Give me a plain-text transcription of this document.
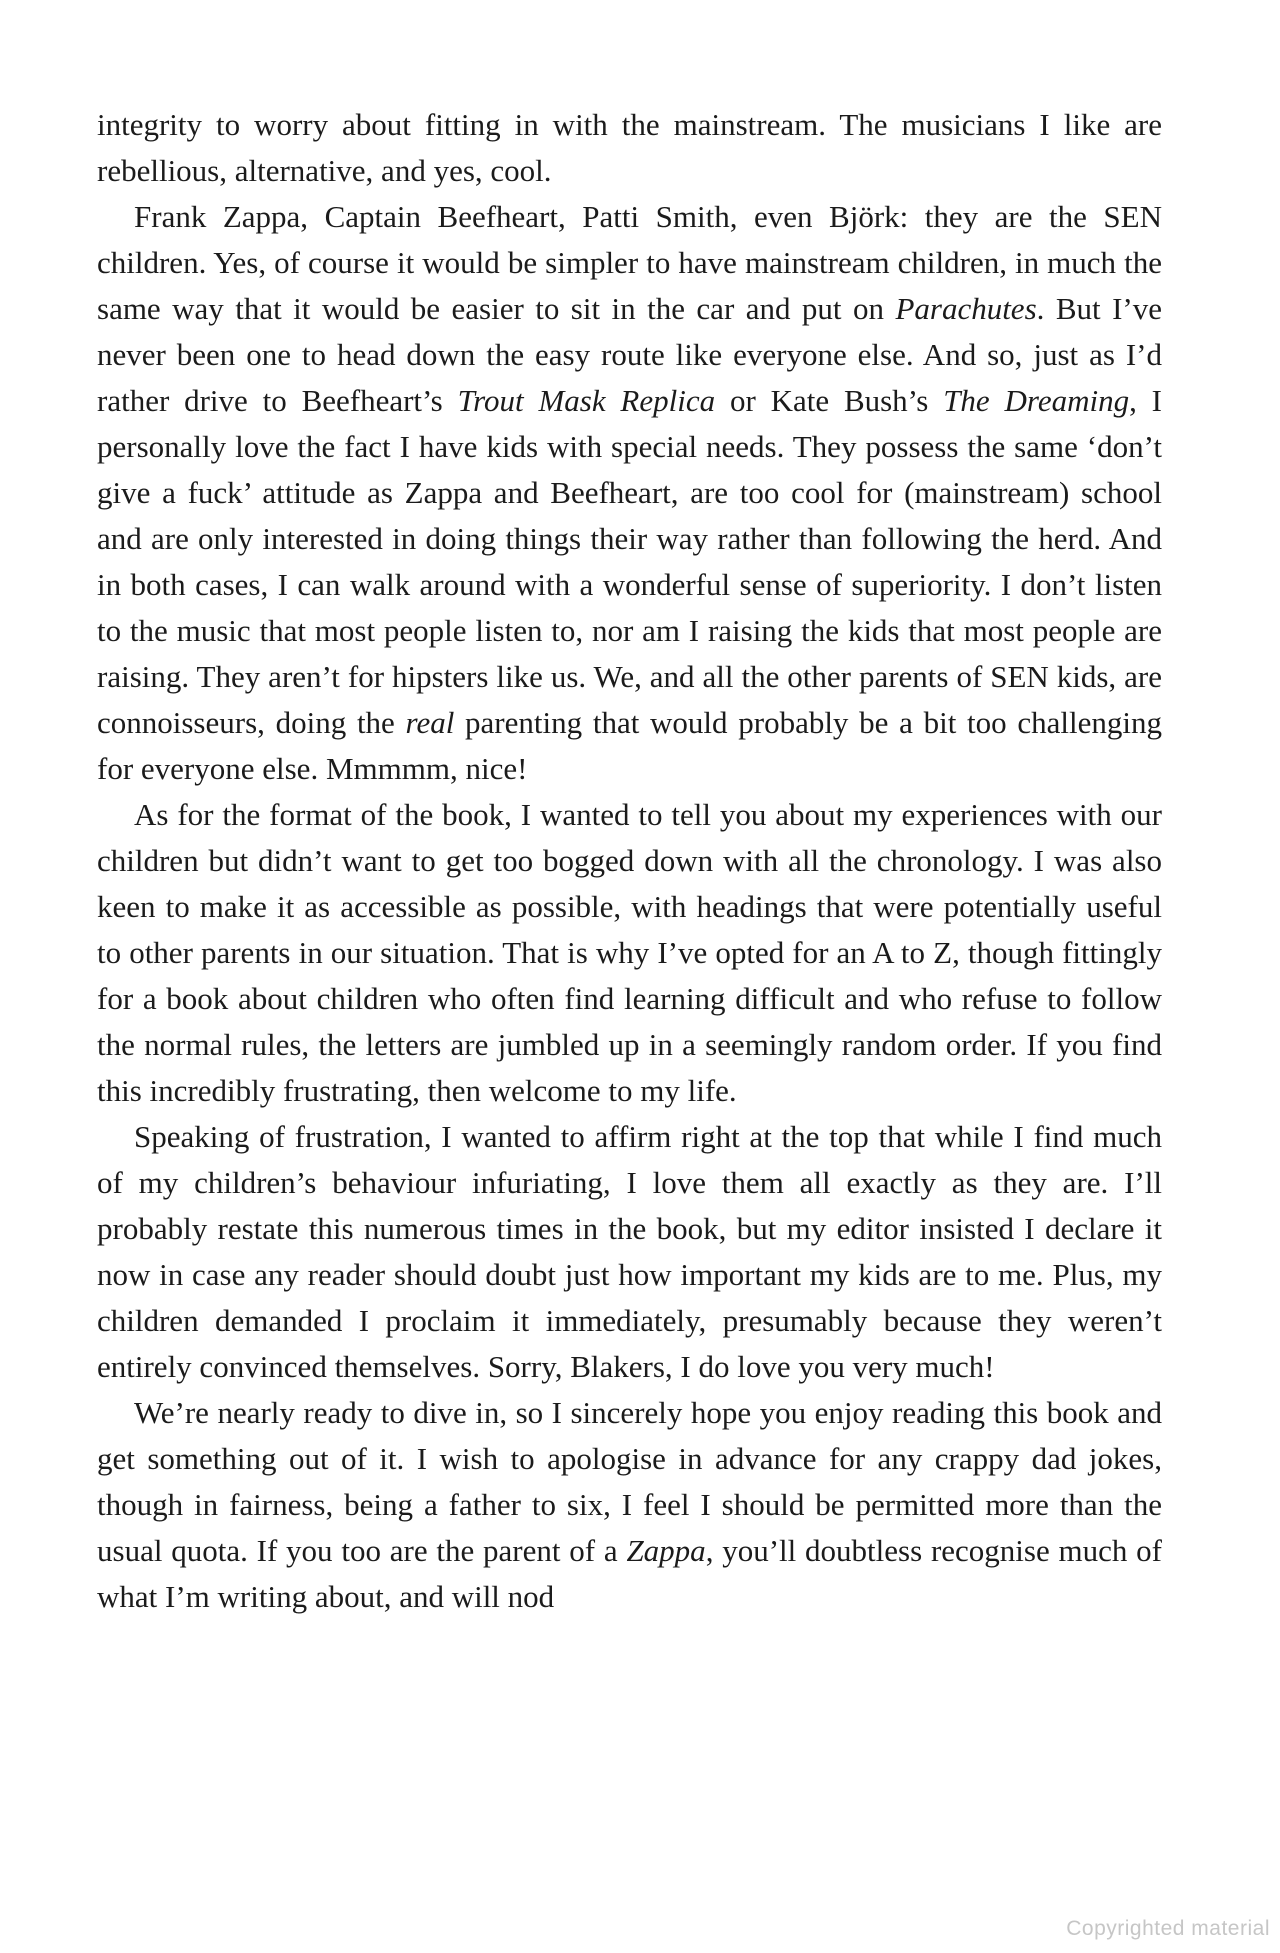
integrity to worry about fitting in with the mainstream. The musicians I like are rebellious, alternative, and yes, cool.

Frank Zappa, Captain Beefheart, Patti Smith, even Björk: they are the SEN children. Yes, of course it would be simpler to have mainstream children, in much the same way that it would be easier to sit in the car and put on Parachutes. But I’ve never been one to head down the easy route like everyone else. And so, just as I’d rather drive to Beefheart’s Trout Mask Replica or Kate Bush’s The Dreaming, I personally love the fact I have kids with special needs. They possess the same ‘don’t give a fuck’ attitude as Zappa and Beefheart, are too cool for (mainstream) school and are only interested in doing things their way rather than following the herd. And in both cases, I can walk around with a wonderful sense of superiority. I don’t listen to the music that most people listen to, nor am I raising the kids that most people are raising. They aren’t for hipsters like us. We, and all the other parents of SEN kids, are connoisseurs, doing the real parenting that would probably be a bit too challenging for everyone else. Mmmmm, nice!

As for the format of the book, I wanted to tell you about my experiences with our children but didn’t want to get too bogged down with all the chronology. I was also keen to make it as accessible as possible, with headings that were potentially useful to other parents in our situation. That is why I’ve opted for an A to Z, though fittingly for a book about children who often find learning difficult and who refuse to follow the normal rules, the letters are jumbled up in a seemingly random order. If you find this incredibly frustrating, then welcome to my life.

Speaking of frustration, I wanted to affirm right at the top that while I find much of my children’s behaviour infuriating, I love them all exactly as they are. I’ll probably restate this numerous times in the book, but my editor insisted I declare it now in case any reader should doubt just how important my kids are to me. Plus, my children demanded I proclaim it immediately, presumably because they weren’t entirely convinced themselves. Sorry, Blakers, I do love you very much!

We’re nearly ready to dive in, so I sincerely hope you enjoy reading this book and get something out of it. I wish to apologise in advance for any crappy dad jokes, though in fairness, being a father to six, I feel I should be permitted more than the usual quota. If you too are the parent of a Zappa, you’ll doubtless recognise much of what I’m writing about, and will nod

Copyrighted material
